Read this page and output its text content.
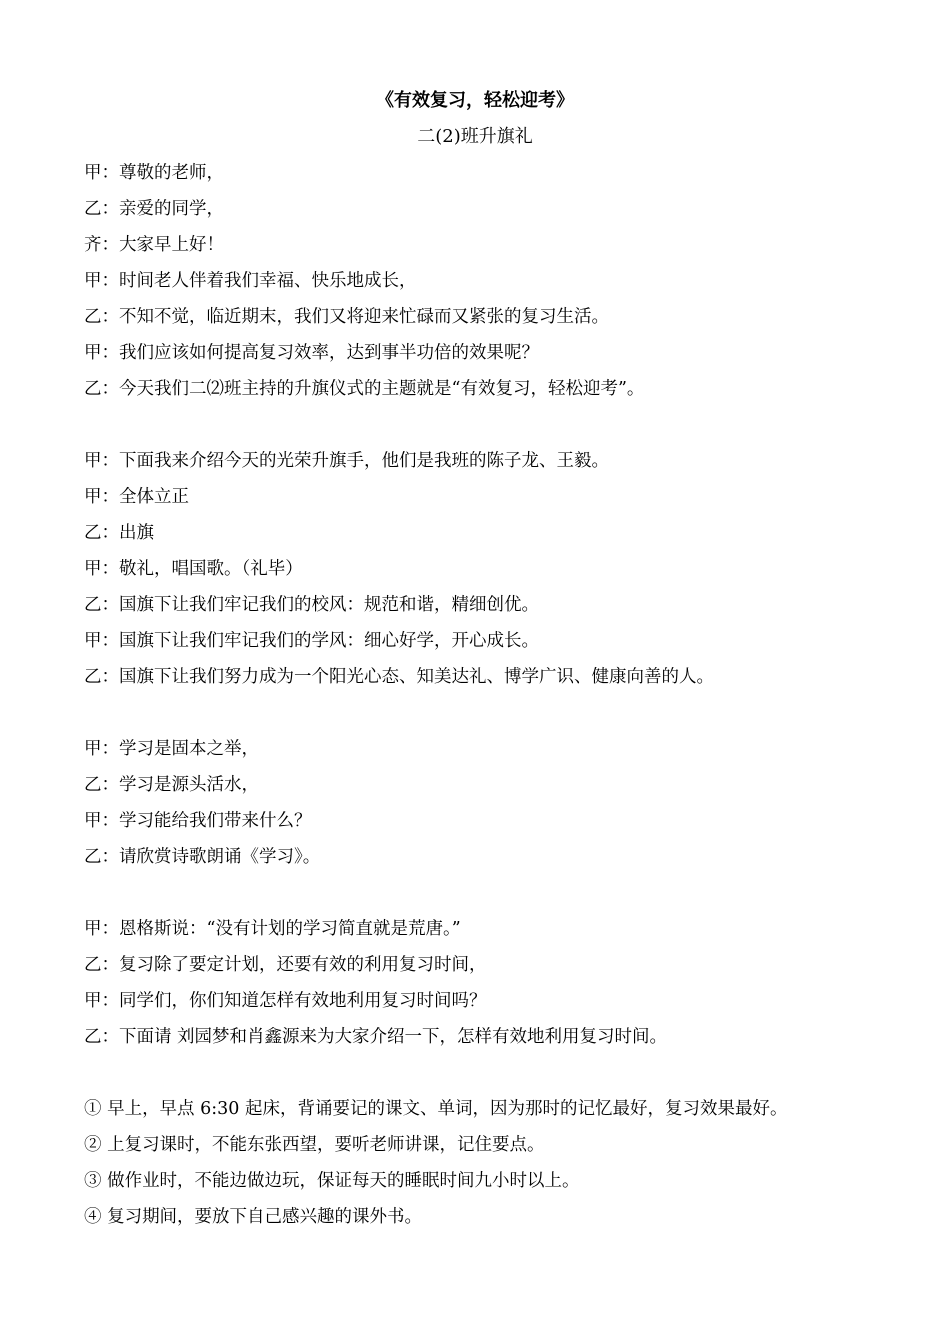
《有效复习，轻松迎考》
二(2)班升旗礼
甲：尊敬的老师，
乙：亲爱的同学，
齐：大家早上好！
甲：时间老人伴着我们幸福、快乐地成长，
乙：不知不觉，临近期末，我们又将迎来忙碌而又紧张的复习生活。
甲：我们应该如何提高复习效率，达到事半功倍的效果呢？
乙：今天我们二⑵班主持的升旗仪式的主题就是“有效复习，轻松迎考”。
甲：下面我来介绍今天的光荣升旗手，他们是我班的陈子龙、王毅。
甲：全体立正
乙：出旗
甲：敬礼，唱国歌。（礼毕）
乙：国旗下让我们牢记我们的校风：规范和谐，精细创优。
甲：国旗下让我们牢记我们的学风：细心好学，开心成长。
乙：国旗下让我们努力成为一个阳光心态、知美达礼、博学广识、健康向善的人。
甲：学习是固本之举，
乙：学习是源头活水，
甲：学习能给我们带来什么？
乙：请欣赏诗歌朗诵《学习》。
甲：恩格斯说：“没有计划的学习简直就是荒唐。”
乙：复习除了要定计划，还要有效的利用复习时间，
甲：同学们，你们知道怎样有效地利用复习时间吗？
乙：下面请 刘园梦和肖鑫源来为大家介绍一下，怎样有效地利用复习时间。
① 早上，早点 6:30 起床，背诵要记的课文、单词，因为那时的记忆最好，复习效果最好。
② 上复习课时，不能东张西望，要听老师讲课，记住要点。
③ 做作业时，不能边做边玩，保证每天的睡眠时间九小时以上。
④ 复习期间，要放下自己感兴趣的课外书。
